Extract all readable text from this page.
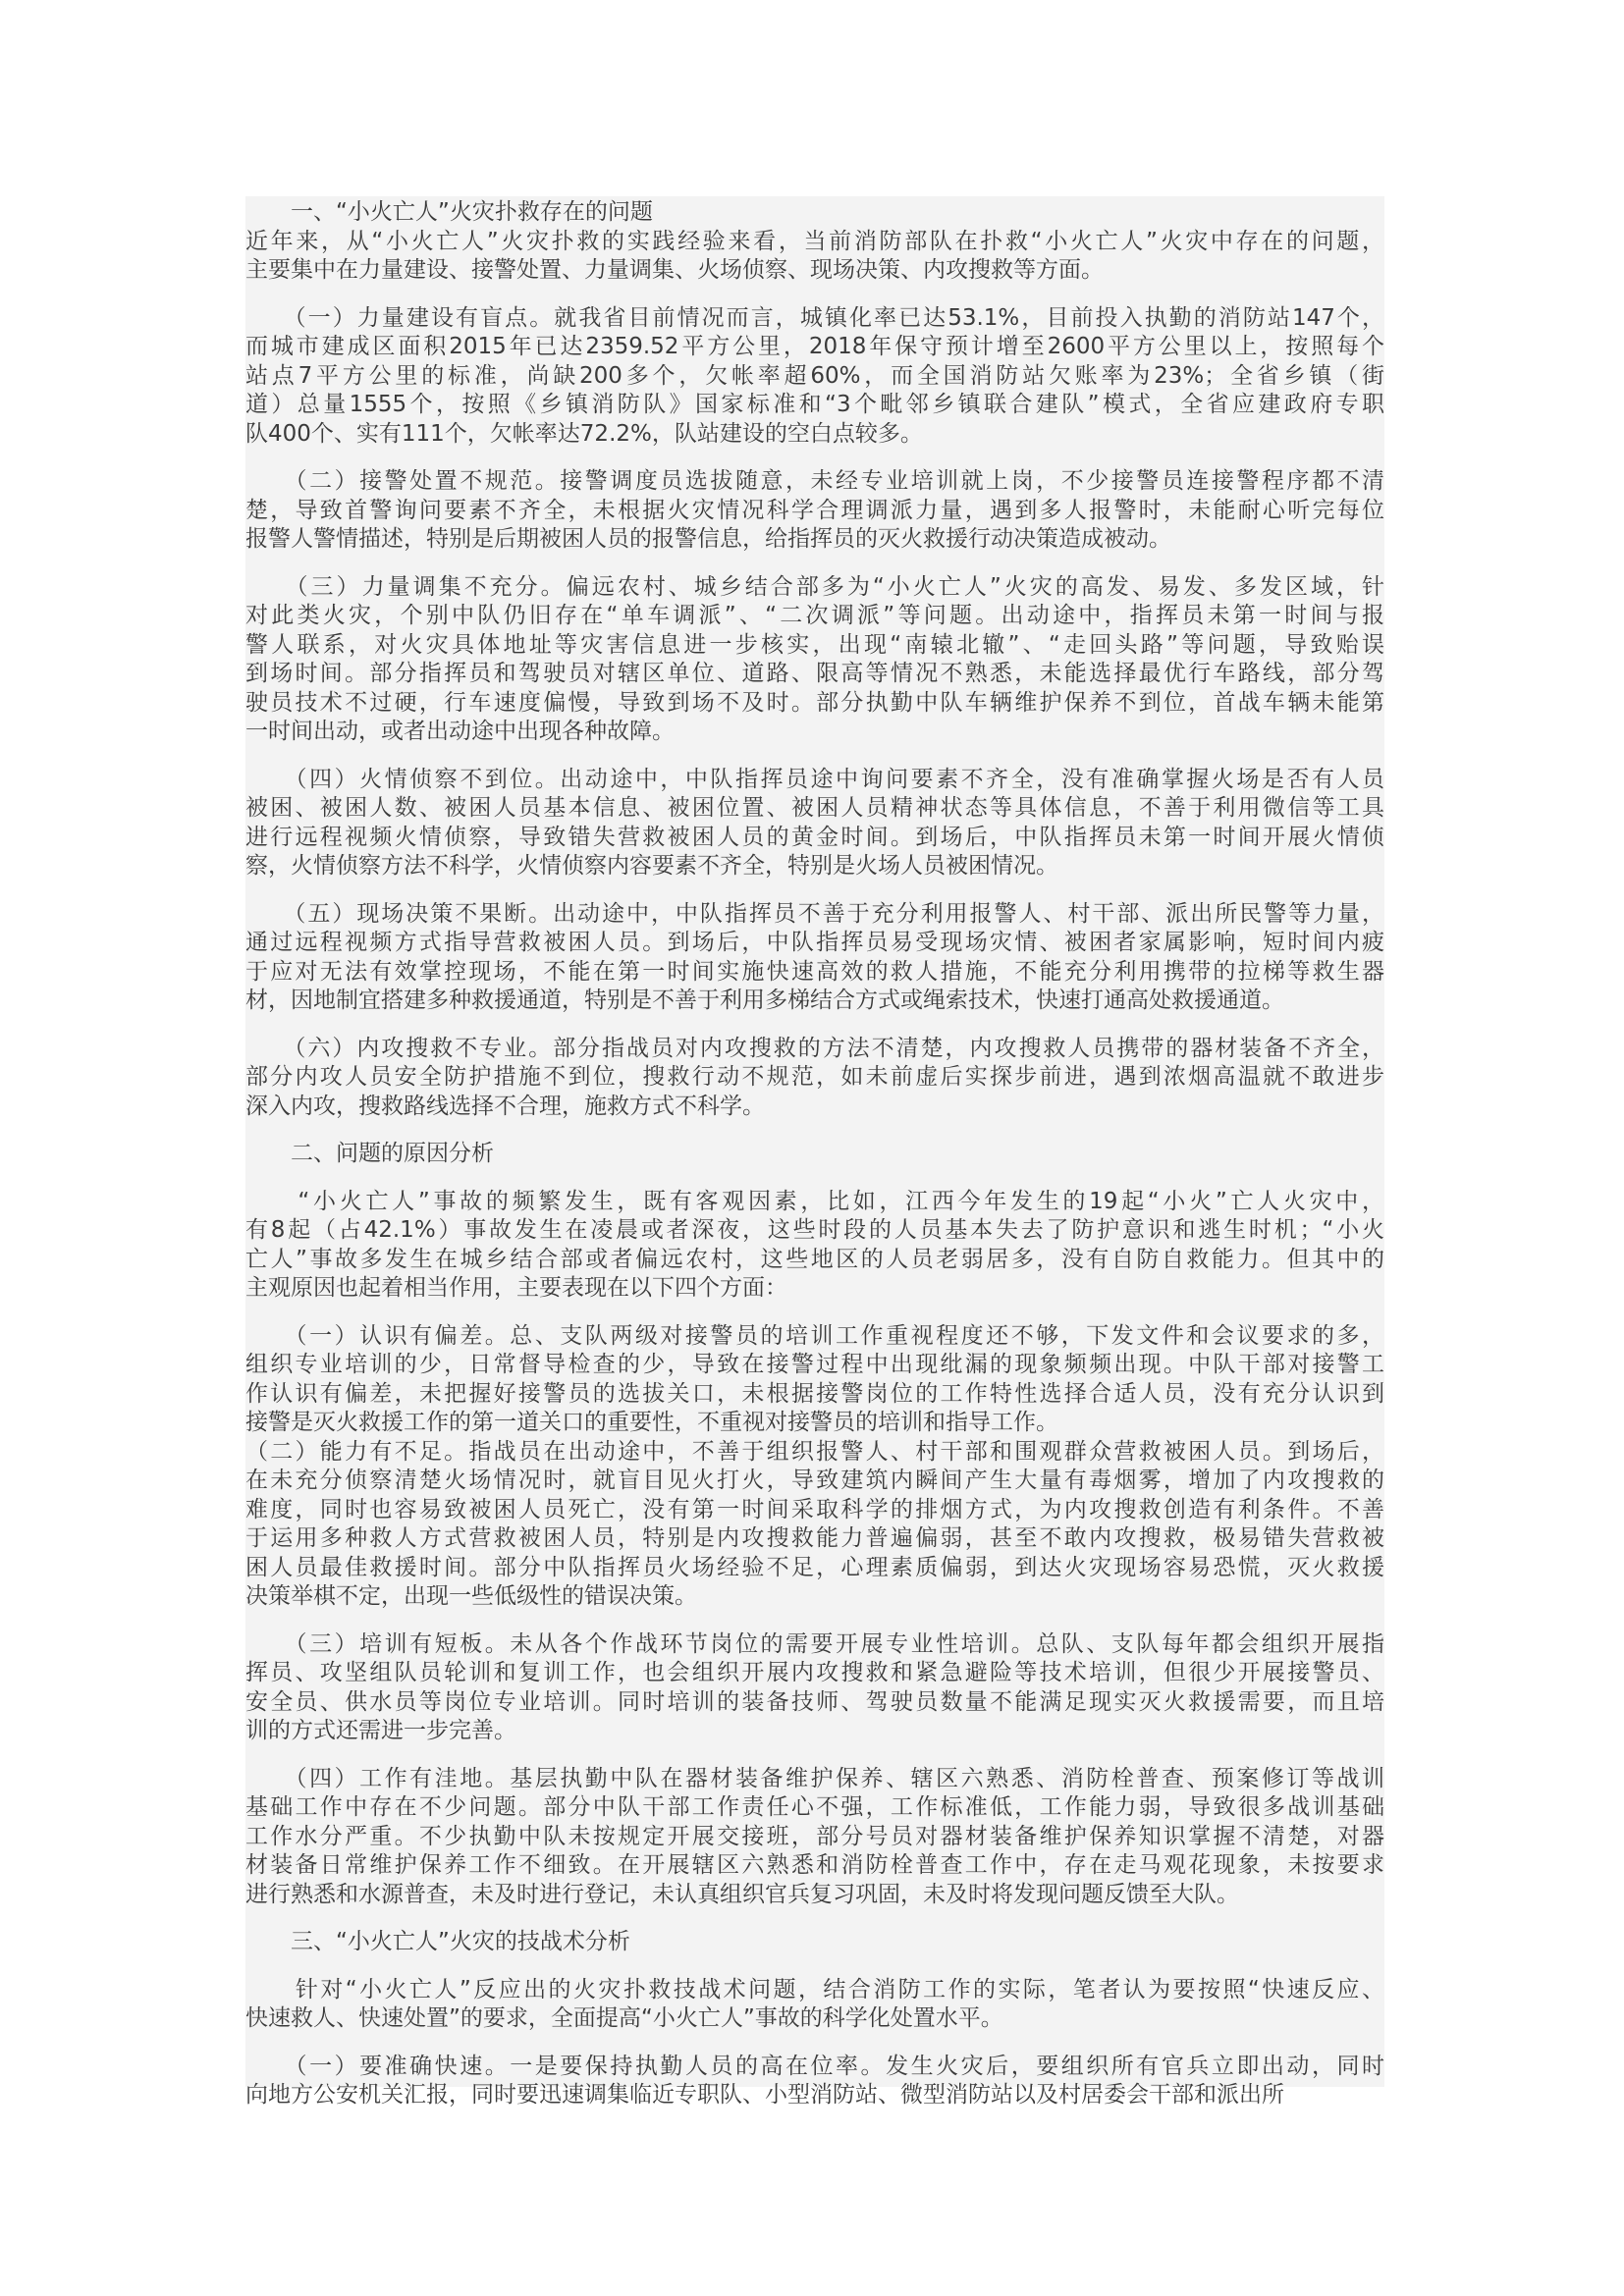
　　一、“小火亡人”火灾扑救存在的问题
近年来，从“小火亡人”火灾扑救的实践经验来看，当前消防部队在扑救“小火亡人”火灾中存在的问题，
主要集中在力量建设、接警处置、力量调集、火场侦察、现场决策、内攻搜救等方面。
　　（一）力量建设有盲点。就我省目前情况而言，城镇化率已达53.1%，目前投入执勤的消防站147个，
而城市建成区面积2015年已达2359.52平方公里，2018年保守预计增至2600平方公里以上，按照每个
站点7平方公里的标准，尚缺200多个，欠帐率超60%，而全国消防站欠账率为23%；全省乡镇（街
道）总量1555个，按照《乡镇消防队》国家标准和“3个毗邻乡镇联合建队”模式，全省应建政府专职
队400个、实有111个，欠帐率达72.2%，队站建设的空白点较多。
　　（二）接警处置不规范。接警调度员选拔随意，未经专业培训就上岗，不少接警员连接警程序都不清
楚，导致首警询问要素不齐全，未根据火灾情况科学合理调派力量，遇到多人报警时，未能耐心听完每位
报警人警情描述，特别是后期被困人员的报警信息，给指挥员的灭火救援行动决策造成被动。
　　（三）力量调集不充分。偏远农村、城乡结合部多为“小火亡人”火灾的高发、易发、多发区域，针
对此类火灾，个别中队仍旧存在“单车调派”、“二次调派”等问题。出动途中，指挥员未第一时间与报
警人联系，对火灾具体地址等灾害信息进一步核实，出现“南辕北辙”、“走回头路”等问题，导致贻误
到场时间。部分指挥员和驾驶员对辖区单位、道路、限高等情况不熟悉，未能选择最优行车路线，部分驾
驶员技术不过硬，行车速度偏慢，导致到场不及时。部分执勤中队车辆维护保养不到位，首战车辆未能第
一时间出动，或者出动途中出现各种故障。
　　（四）火情侦察不到位。出动途中，中队指挥员途中询问要素不齐全，没有准确掌握火场是否有人员
被困、被困人数、被困人员基本信息、被困位置、被困人员精神状态等具体信息，不善于利用微信等工具
进行远程视频火情侦察，导致错失营救被困人员的黄金时间。到场后，中队指挥员未第一时间开展火情侦
察，火情侦察方法不科学，火情侦察内容要素不齐全，特别是火场人员被困情况。
　　（五）现场决策不果断。出动途中，中队指挥员不善于充分利用报警人、村干部、派出所民警等力量，
通过远程视频方式指导营救被困人员。到场后，中队指挥员易受现场灾情、被困者家属影响，短时间内疲
于应对无法有效掌控现场，不能在第一时间实施快速高效的救人措施，不能充分利用携带的拉梯等救生器
材，因地制宜搭建多种救援通道，特别是不善于利用多梯结合方式或绳索技术，快速打通高处救援通道。
　　（六）内攻搜救不专业。部分指战员对内攻搜救的方法不清楚，内攻搜救人员携带的器材装备不齐全，
部分内攻人员安全防护措施不到位，搜救行动不规范，如未前虚后实探步前进，遇到浓烟高温就不敢进步
深入内攻，搜救路线选择不合理，施救方式不科学。
　　二、问题的原因分析
　　“小火亡人”事故的频繁发生，既有客观因素，比如，江西今年发生的19起“小火”亡人火灾中，
有8起（占42.1%）事故发生在凌晨或者深夜，这些时段的人员基本失去了防护意识和逃生时机；“小火
亡人”事故多发生在城乡结合部或者偏远农村，这些地区的人员老弱居多，没有自防自救能力。但其中的
主观原因也起着相当作用，主要表现在以下四个方面：
　　（一）认识有偏差。总、支队两级对接警员的培训工作重视程度还不够，下发文件和会议要求的多，
组织专业培训的少，日常督导检查的少，导致在接警过程中出现纰漏的现象频频出现。中队干部对接警工
作认识有偏差，未把握好接警员的选拔关口，未根据接警岗位的工作特性选择合适人员，没有充分认识到
接警是灭火救援工作的第一道关口的重要性，不重视对接警员的培训和指导工作。
（二）能力有不足。指战员在出动途中，不善于组织报警人、村干部和围观群众营救被困人员。到场后，
在未充分侦察清楚火场情况时，就盲目见火打火，导致建筑内瞬间产生大量有毒烟雾，增加了内攻搜救的
难度，同时也容易致被困人员死亡，没有第一时间采取科学的排烟方式，为内攻搜救创造有利条件。不善
于运用多种救人方式营救被困人员，特别是内攻搜救能力普遍偏弱，甚至不敢内攻搜救，极易错失营救被
困人员最佳救援时间。部分中队指挥员火场经验不足，心理素质偏弱，到达火灾现场容易恐慌，灭火救援
决策举棋不定，出现一些低级性的错误决策。
　　（三）培训有短板。未从各个作战环节岗位的需要开展专业性培训。总队、支队每年都会组织开展指
挥员、攻坚组队员轮训和复训工作，也会组织开展内攻搜救和紧急避险等技术培训，但很少开展接警员、
安全员、供水员等岗位专业培训。同时培训的装备技师、驾驶员数量不能满足现实灭火救援需要，而且培
训的方式还需进一步完善。
　　（四）工作有洼地。基层执勤中队在器材装备维护保养、辖区六熟悉、消防栓普查、预案修订等战训
基础工作中存在不少问题。部分中队干部工作责任心不强，工作标准低，工作能力弱，导致很多战训基础
工作水分严重。不少执勤中队未按规定开展交接班，部分号员对器材装备维护保养知识掌握不清楚，对器
材装备日常维护保养工作不细致。在开展辖区六熟悉和消防栓普查工作中，存在走马观花现象，未按要求
进行熟悉和水源普查，未及时进行登记，未认真组织官兵复习巩固，未及时将发现问题反馈至大队。
　　三、“小火亡人”火灾的技战术分析
　　针对“小火亡人”反应出的火灾扑救技战术问题，结合消防工作的实际，笔者认为要按照“快速反应、
快速救人、快速处置”的要求，全面提高“小火亡人”事故的科学化处置水平。
　　（一）要准确快速。一是要保持执勤人员的高在位率。发生火灾后，要组织所有官兵立即出动，同时
向地方公安机关汇报，同时要迅速调集临近专职队、小型消防站、微型消防站以及村居委会干部和派出所
